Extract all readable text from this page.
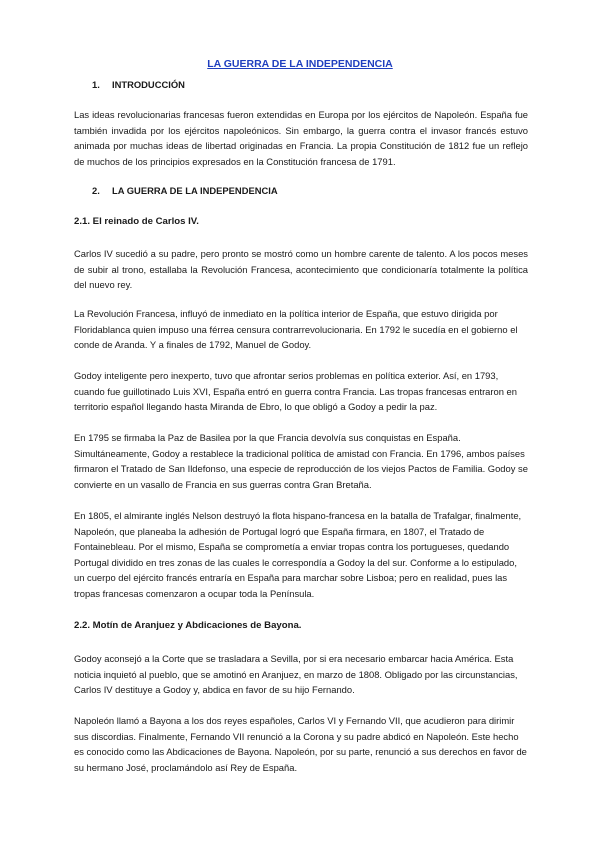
LA GUERRA DE LA INDEPENDENCIA
1. INTRODUCCIÓN

Las ideas revolucionarias francesas fueron extendidas en Europa por los ejércitos de Napoleón. España fue también invadida por los ejércitos napoleónicos. Sin embargo, la guerra contra el invasor francés estuvo animada por muchas ideas de libertad originadas en Francia. La propia Constitución de 1812 fue un reflejo de muchos de los principios expresados en la Constitución francesa de 1791.

2. LA GUERRA DE LA INDEPENDENCIA
2.1. El reinado de Carlos IV.

Carlos IV sucedió a su padre, pero pronto se mostró como un hombre carente de talento. A los pocos meses de subir al trono, estallaba la Revolución Francesa, acontecimiento que condicionaría totalmente la política del nuevo rey.

La Revolución Francesa, influyó de inmediato en la política interior de España, que estuvo dirigida por Floridablanca quien impuso una férrea censura contrarrevolucionaria. En 1792 le sucedía en el gobierno el conde de Aranda. Y a finales de 1792, Manuel de Godoy.

Godoy inteligente pero inexperto, tuvo que afrontar serios problemas en política exterior. Así, en 1793, cuando fue guillotinado Luis XVI, España entró en guerra contra Francia. Las tropas francesas entraron en territorio español llegando hasta Miranda de Ebro, lo que obligó a Godoy a pedir la paz.

En 1795 se firmaba la Paz de Basilea por la que Francia devolvía sus conquistas en España. Simultáneamente, Godoy a restablece la tradicional política de amistad con Francia. En 1796, ambos países firmaron el Tratado de San Ildefonso, una especie de reproducción de los viejos Pactos de Familia. Godoy se convierte en un vasallo de Francia en sus guerras contra Gran Bretaña.

En 1805, el almirante inglés Nelson destruyó la flota hispano-francesa en la batalla de Trafalgar, finalmente, Napoleón, que planeaba la adhesión de Portugal logró que España firmara, en 1807, el Tratado de Fontainebleau. Por el mismo, España se comprometía a enviar tropas contra los portugueses, quedando Portugal dividido en tres zonas de las cuales le correspondía a Godoy la del sur. Conforme a lo estipulado, un cuerpo del ejército francés entraría en España para marchar sobre Lisboa; pero en realidad, pues las tropas francesas comenzaron a ocupar toda la Península.

2.2. Motín de Aranjuez y Abdicaciones de Bayona.

Godoy aconsejó a la Corte que se trasladara a Sevilla, por si era necesario embarcar hacia América. Esta noticia inquietó al pueblo, que se amotinó en Aranjuez, en marzo de 1808. Obligado por las circunstancias, Carlos IV destituye a Godoy y, abdica en favor de su hijo Fernando.

Napoleón llamó a Bayona a los dos reyes españoles, Carlos VI y Fernando VII, que acudieron para dirimir sus discordias. Finalmente, Fernando VII renunció a la Corona y su padre abdicó en Napoleón. Este hecho es conocido como las Abdicaciones de Bayona. Napoleón, por su parte, renunció a sus derechos en favor de su hermano José, proclamándolo así Rey de España.
